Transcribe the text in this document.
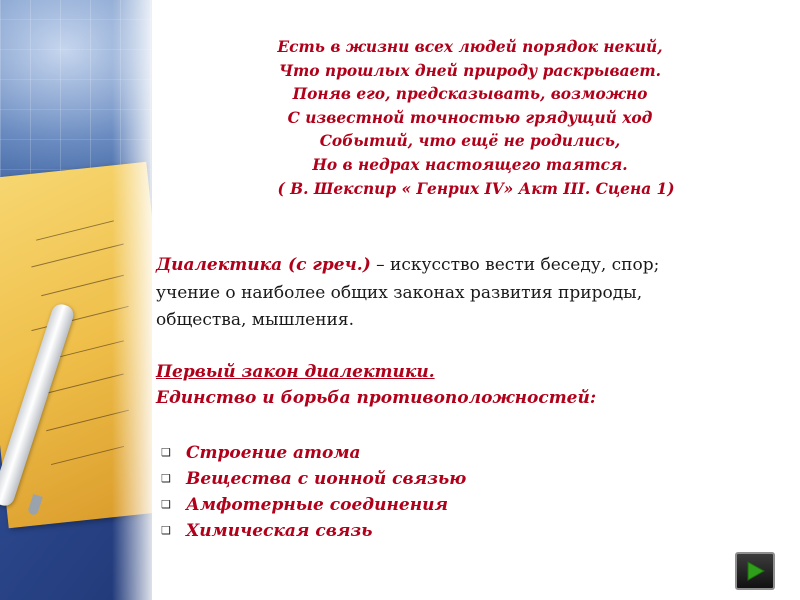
Есть в жизни всех людей порядок некий,
Что прошлых дней природу раскрывает.
Поняв его, предсказывать, возможно
С известной точностью грядущий ход
Событий, что ещё не родились,
Но в недрах настоящего таятся.
( В. Шекспир « Генрих IV» Акт III. Сцена 1)
Диалектика (с греч.) – искусство вести беседу, спор;
учение о наиболее общих законах развития природы,
общества, мышления.
Первый закон диалектики.
Единство и борьба противоположностей:
❑ Строение атома
❑ Вещества с ионной связью
❑ Амфотерные соединения
❑ Химическая связь
